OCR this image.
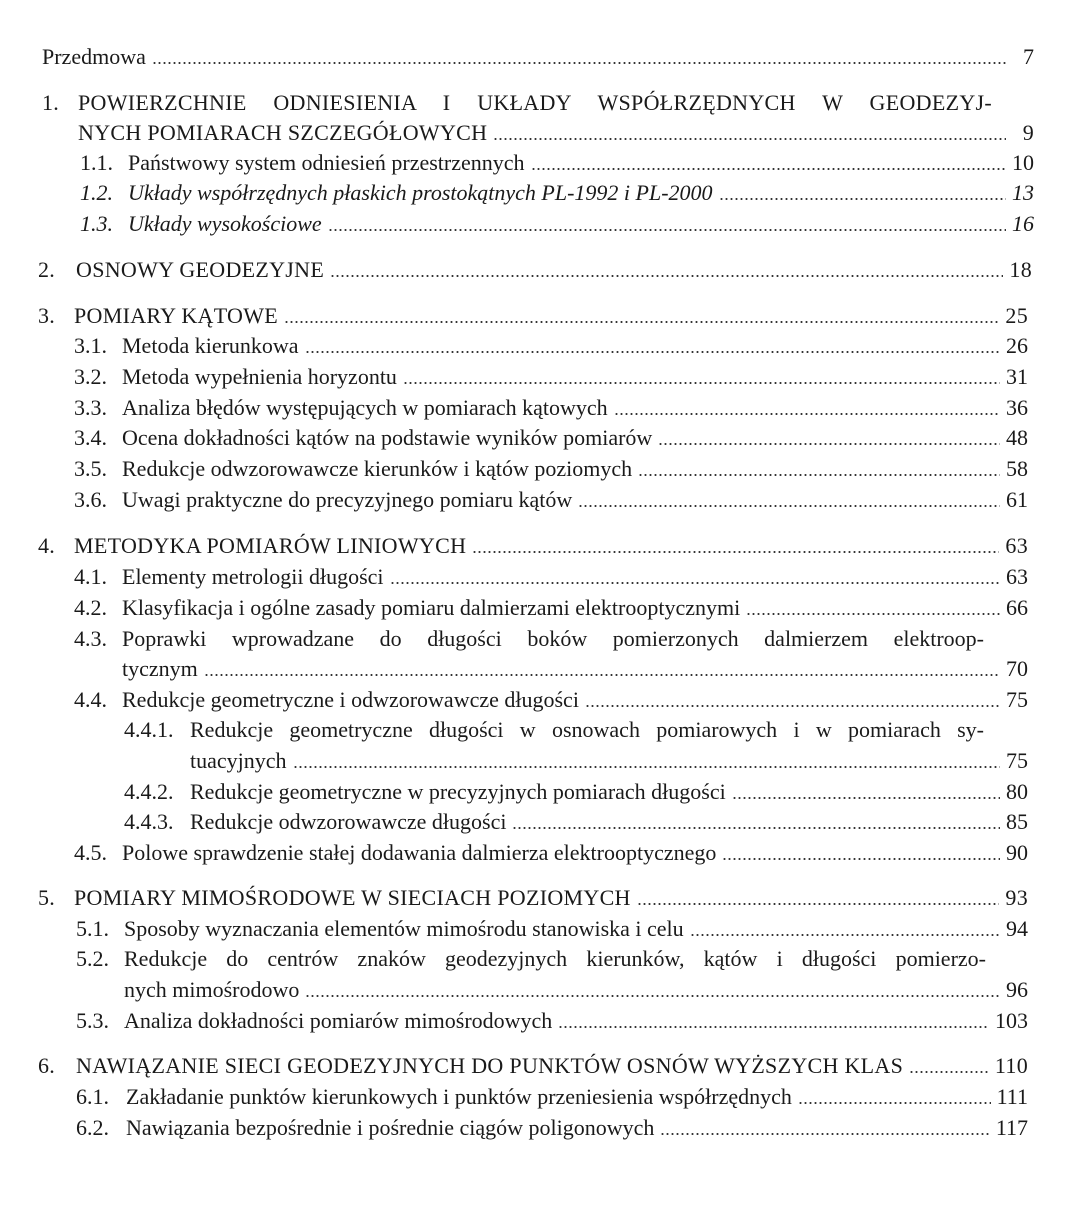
Przedmowa	7
1. POWIERZCHNIE ODNIESIENIA I UKŁADY WSPÓŁRZĘDNYCH W GEODEZYJ-
NYCH POMIARACH SZCZEGÓŁOWYCH	9
1.1. Państwowy system odniesień przestrzennych	10
1.2. Układy współrzędnych płaskich prostokątnych PL-1992 i PL-2000	13
1.3. Układy wysokościowe	16
2. OSNOWY GEODEZYJNE	18
3. POMIARY KĄTOWE	25
3.1. Metoda kierunkowa	26
3.2. Metoda wypełnienia horyzontu	31
3.3. Analiza błędów występujących w pomiarach kątowych	36
3.4. Ocena dokładności kątów na podstawie wyników pomiarów	48
3.5. Redukcje odwzorowawcze kierunków i kątów poziomych	58
3.6. Uwagi praktyczne do precyzyjnego pomiaru kątów	61
4. METODYKA POMIARÓW LINIOWYCH	63
4.1. Elementy metrologii długości	63
4.2. Klasyfikacja i ogólne zasady pomiaru dalmierzami elektrooptycznymi	66
4.3. Poprawki wprowadzane do długości boków pomierzonych dalmierzem elektroop-
tycznym	70
4.4. Redukcje geometryczne i odwzorowawcze długości	75
4.4.1. Redukcje geometryczne długości w osnowach pomiarowych i w pomiarach sy-
tuacyjnych	75
4.4.2. Redukcje geometryczne w precyzyjnych pomiarach długości	80
4.4.3. Redukcje odwzorowawcze długości	85
4.5. Polowe sprawdzenie stałej dodawania dalmierza elektrooptycznego	90
5. POMIARY MIMOŚRODOWE W SIECIACH POZIOMYCH	93
5.1. Sposoby wyznaczania elementów mimośrodu stanowiska i celu	94
5.2. Redukcje do centrów znaków geodezyjnych kierunków, kątów i długości pomierzo-
nych mimośrodowo	96
5.3. Analiza dokładności pomiarów mimośrodowych	103
6. NAWIĄZANIE SIECI GEODEZYJNYCH DO PUNKTÓW OSNÓW WYŻSZYCH KLAS	110
6.1. Zakładanie punktów kierunkowych i punktów przeniesienia współrzędnych	111
6.2. Nawiązania bezpośrednie i pośrednie ciągów poligonowych	117
